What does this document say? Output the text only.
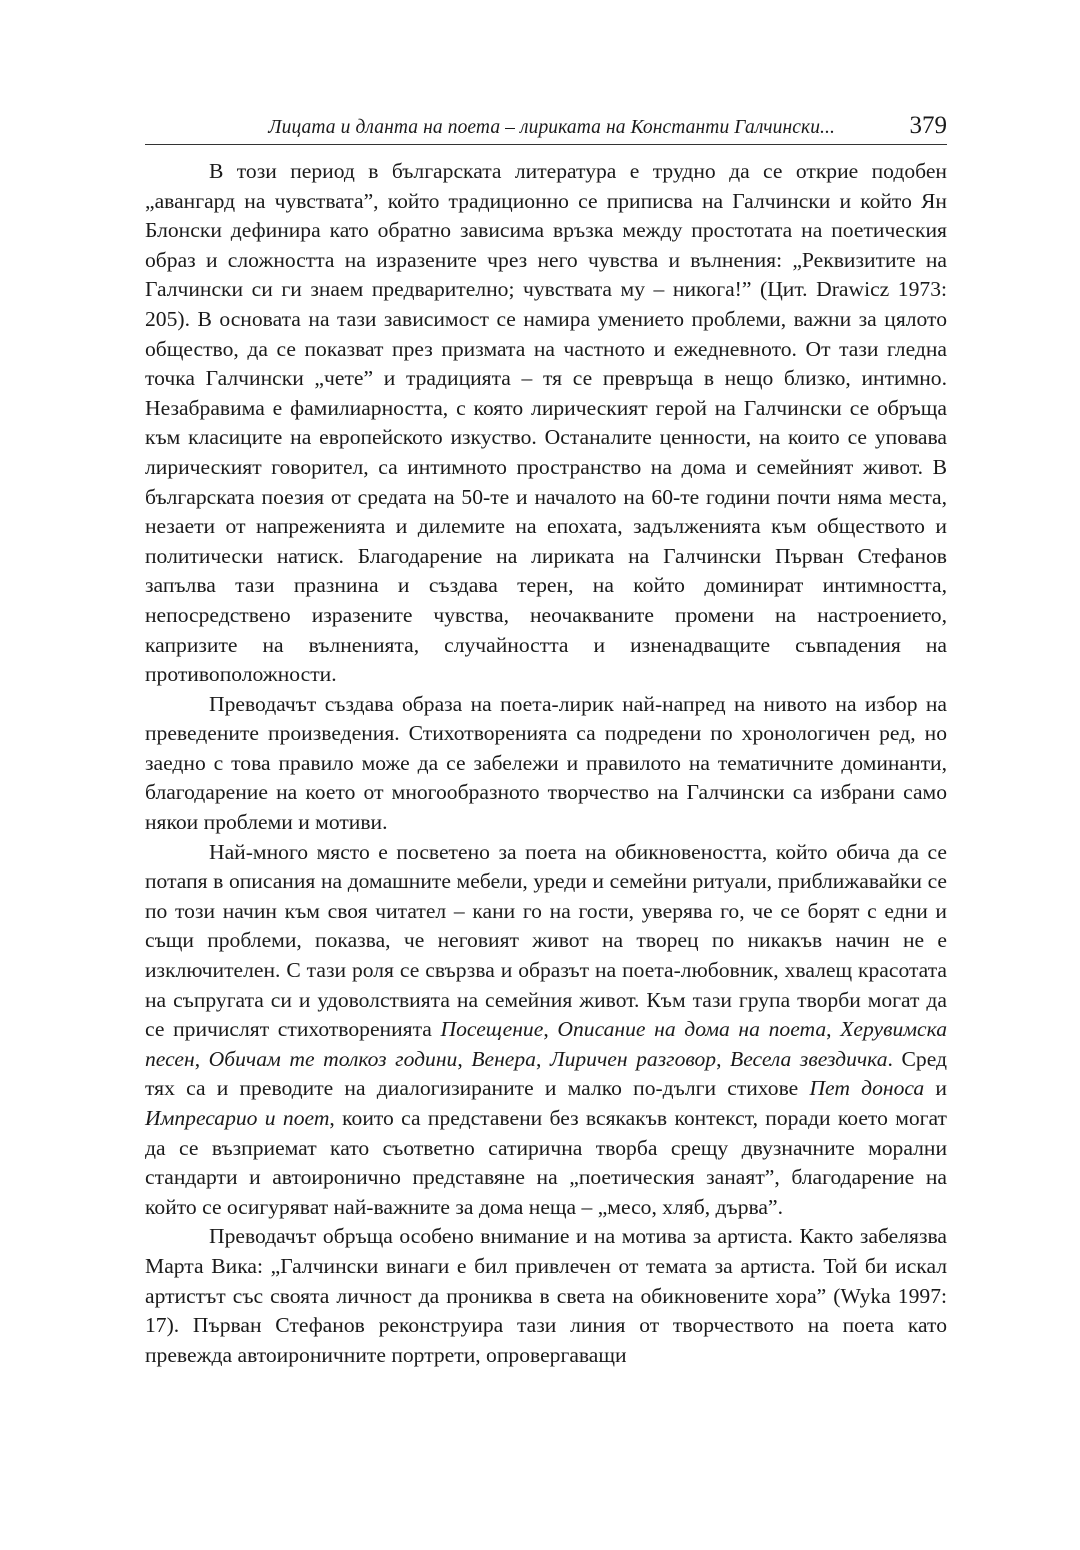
Лицата и дланта на поета – лириката на Константи Галчински...	379

В този период в българската литература е трудно да се открие подобен „авангард на чувствата”, който традиционно се приписва на Галчински и който Ян Блонски дефинира като обратно зависима връзка между простотата на поетическия образ и сложността на изразените чрез него чувства и вълнения: „Реквизитите на Галчински си ги знаем предварително; чувствата му – никога!” (Цит. Drawicz 1973: 205). В основата на тази зависимост се намира умението проблеми, важни за цялото общество, да се показват през призмата на частното и ежедневното. От тази гледна точка Галчински „чете” и традицията – тя се превръща в нещо близко, интимно. Незабравима е фамилиарността, с която лирическият герой на Галчински се обръща към класиците на европейското изкуство. Останалите ценности, на които се уповава лирическият говорител, са интимното пространство на дома и семейният живот. В българската поезия от средата на 50-те и началото на 60-те години почти няма места, незаети от напреженията и дилемите на епохата, задълженията към обществото и политически натиск. Благодарение на лириката на Галчински Първан Стефанов запълва тази празнина и създава терен, на който доминират интимността, непосредствено изразените чувства, неочакваните промени на настроението, капризите на вълненията, случайността и изненадващите съвпадения на противоположности.

Преводачът създава образа на поета-лирик най-напред на нивото на избор на преведените произведения. Стихотворенията са подредени по хронологичен ред, но заедно с това правило може да се забележи и правилото на тематичните доминанти, благодарение на което от многообразното творчество на Галчински са избрани само някои проблеми и мотиви.

Най-много място е посветено за поета на обикновеността, който обича да се потапя в описания на домашните мебели, уреди и семейни ритуали, приближавайки се по този начин към своя читател – кани го на гости, уверява го, че се борят с едни и същи проблеми, показва, че неговият живот на творец по никакъв начин не е изключителен. С тази роля се свързва и образът на поета-любовник, хвалещ красотата на съпругата си и удоволствията на семейния живот. Към тази група творби могат да се причислят стихотворенията Посещение, Описание на дома на поета, Херувимска песен, Обичам те толкоз години, Венера, Лиричен разговор, Весела звездичка. Сред тях са и преводите на диалогизираните и малко по-дълги стихове Пет доноса и Импресарио и поет, които са представени без всякакъв контекст, поради което могат да се възприемат като съответно сатирична творба срещу двузначните морални стандарти и автоиронично представяне на „поетическия занаят”, благодарение на който се осигуряват най-важните за дома неща – „месо, хляб, дърва”.

Преводачът обръща особено внимание и на мотива за артиста. Както забелязва Марта Вика: „Галчински винаги е бил привлечен от темата за артиста. Той би искал артистът със своята личност да прониква в света на обикновените хора” (Wyka 1997: 17). Първан Стефанов реконструира тази линия от творчеството на поета като превежда автоироничните портрети, опровергаващи
